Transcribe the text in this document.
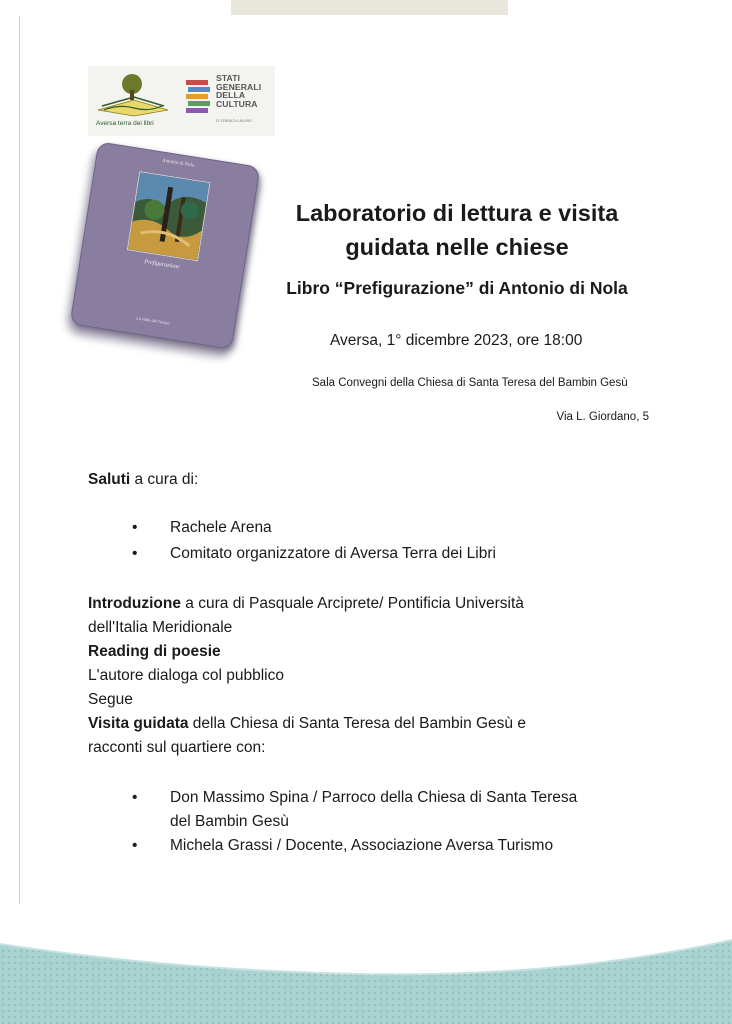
Aversa terra dei libri
STATI
GENERALI
DELLA
CULTURA
DI TERRA DI LAVORO
Antonio di Nola
Prefigurazione
La Valle del Tempo
Laboratorio di lettura e visita
guidata nelle chiese
Libro “Prefigurazione” di Antonio di Nola
Aversa, 1° dicembre 2023, ore 18:00
Sala Convegni della Chiesa di Santa Teresa del Bambin Gesù
Via L. Giordano, 5
Saluti a cura di:
• Rachele Arena
• Comitato organizzatore di Aversa Terra dei Libri
Introduzione a cura di Pasquale Arciprete/ Pontificia Università
dell'Italia Meridionale
Reading di poesie
L'autore dialoga col pubblico
Segue
Visita guidata della Chiesa di Santa Teresa del Bambin Gesù e
racconti sul quartiere con:
• Don Massimo Spina / Parroco della Chiesa di Santa Teresa
del Bambin Gesù
• Michela Grassi / Docente, Associazione Aversa Turismo
